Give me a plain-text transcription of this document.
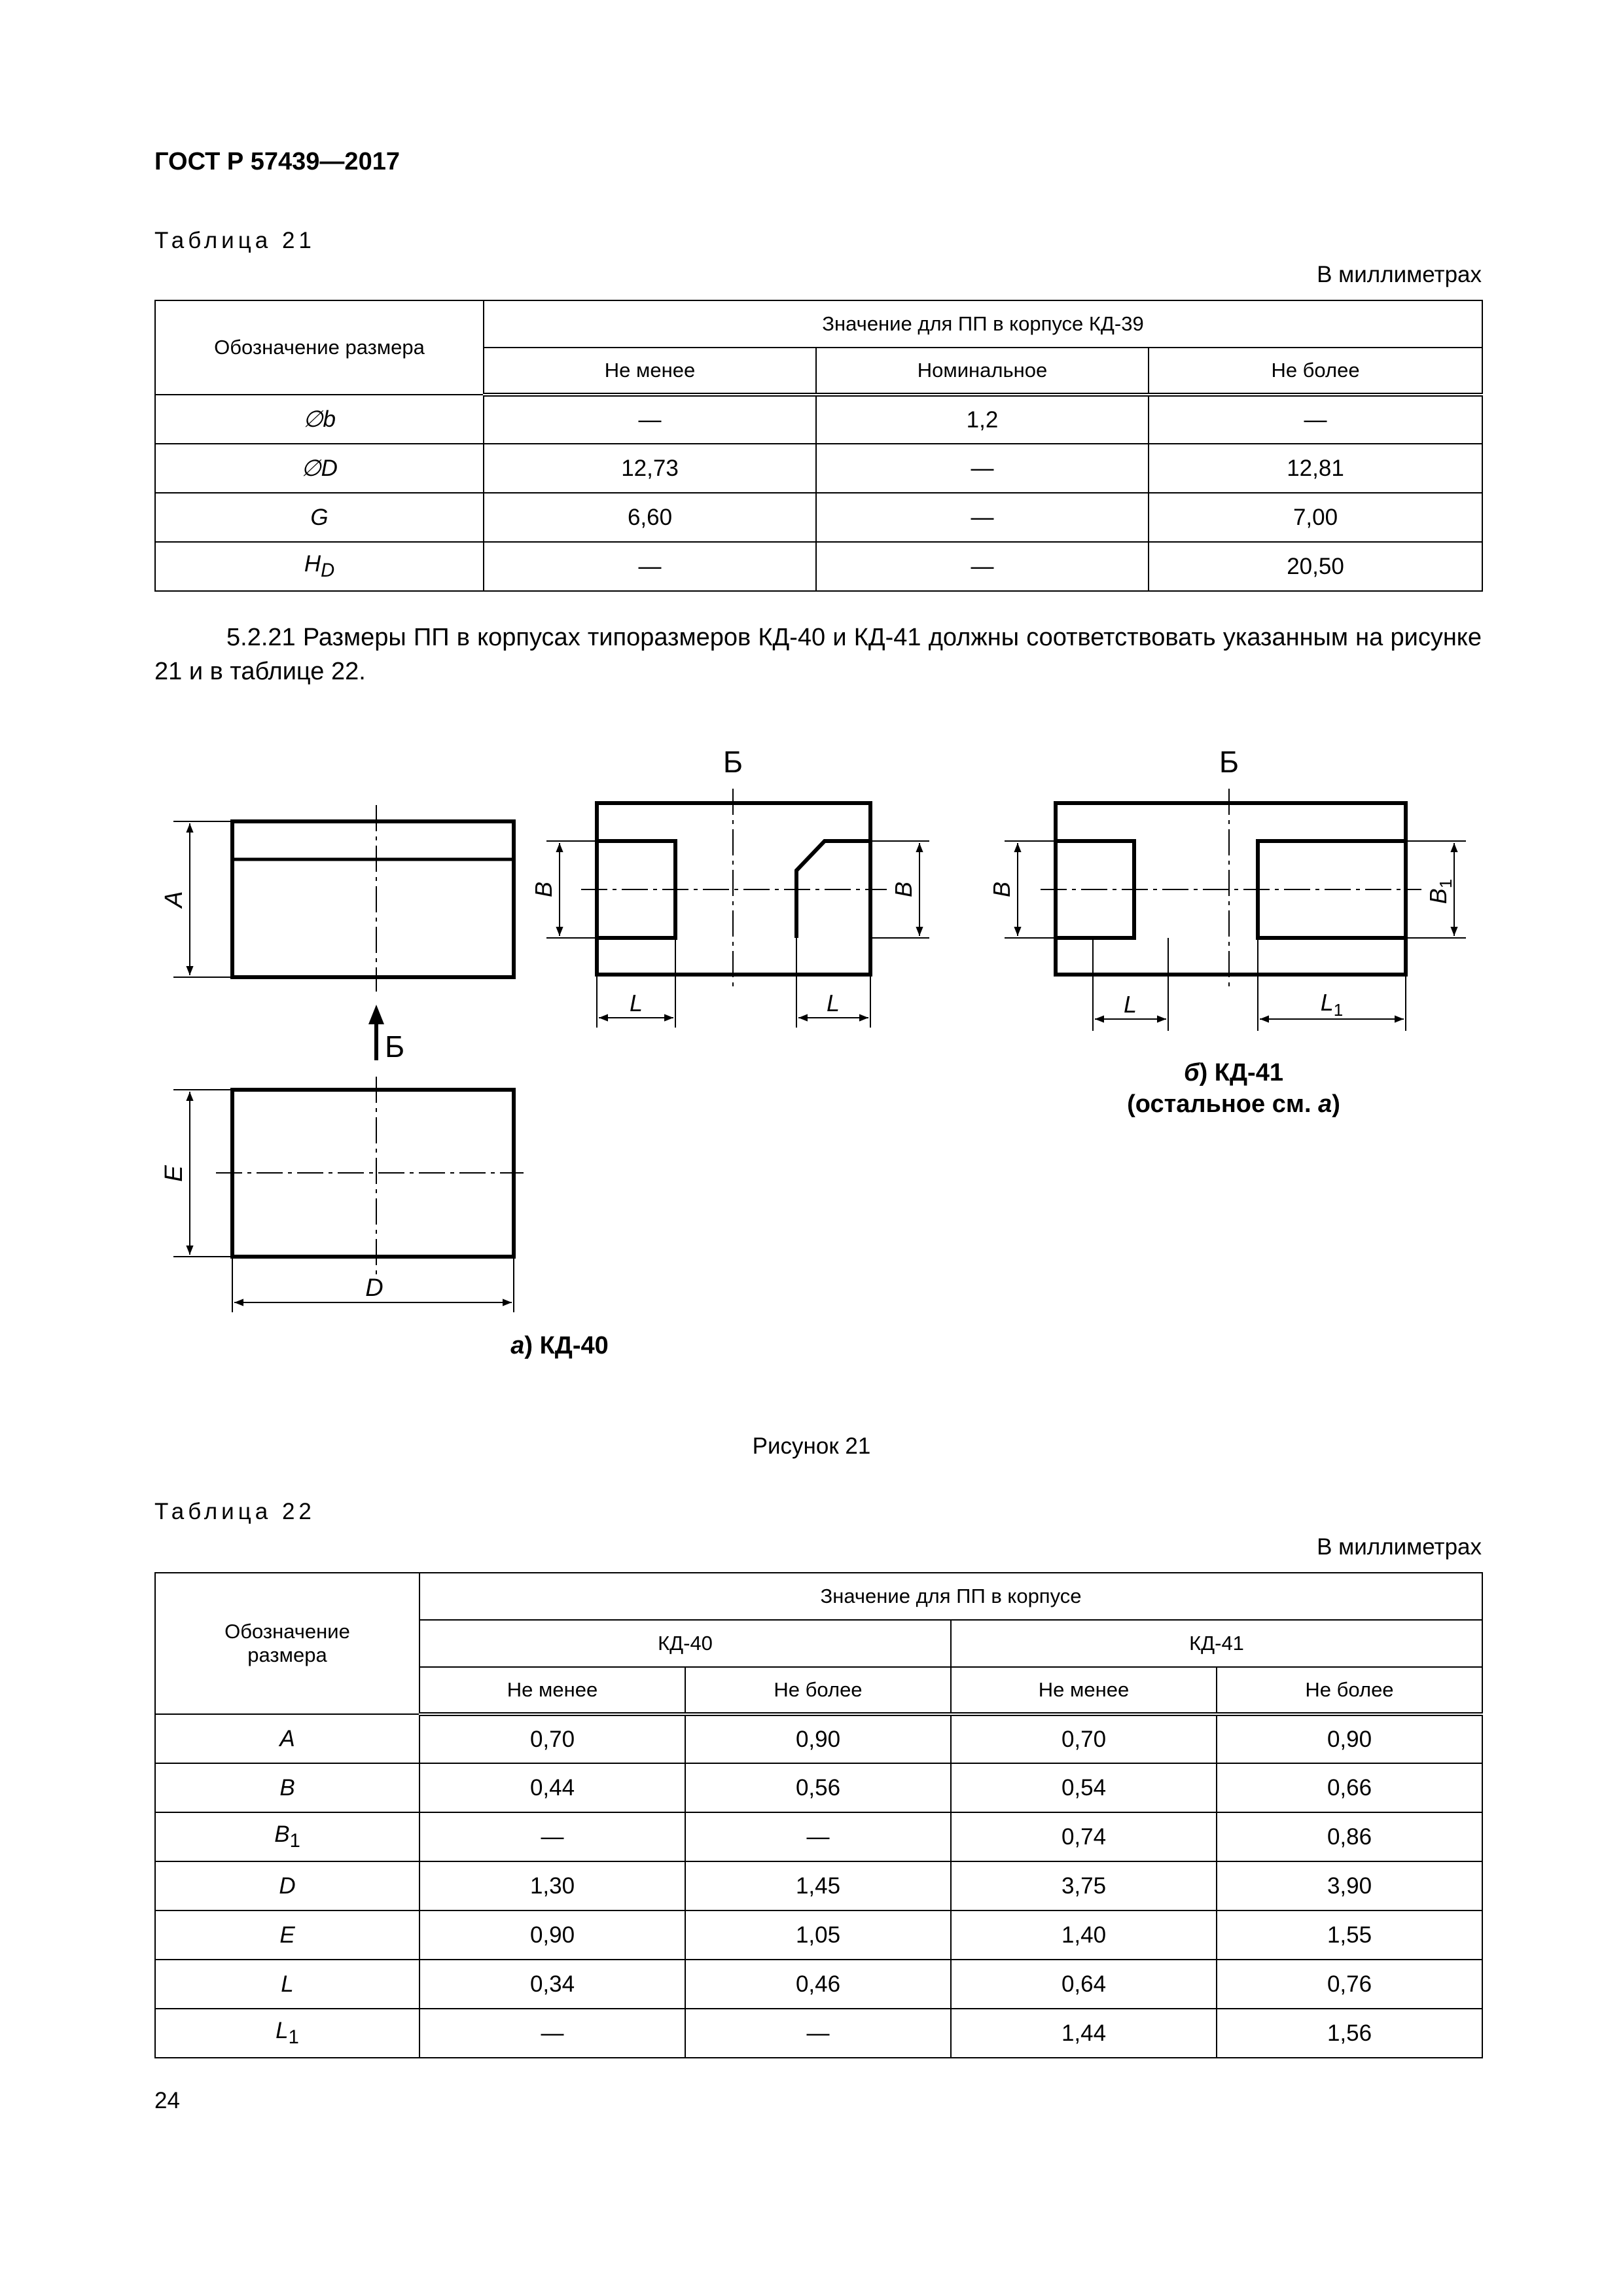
ГОСТ Р 57439—2017
Таблица 21
В миллиметрах
Обозначение размера	Значение для ПП в корпусе КД-39		
	Не менее	Номинальное	Не более
∅b	—	1,2	—
∅D	12,73	—	12,81
G	6,60	—	7,00
$H_D$	—	—	20,50
5.2.21 Размеры ПП в корпусах типоразмеров КД-40 и КД-41 должны соответствовать указанным на рисунке 21 и в таблице 22.
A
Б
E
D
Б
B	B
L	L
Б
B	$B_1$
L	$L_1$
б) КД-41
(остальное см. а)
а) КД-40
Рисунок 21
Таблица 22
В миллиметрах
Обозначение размера	Значение для ПП в корпусе			
	КД-40		КД-41	
	Не менее	Не более	Не менее	Не более
A	0,70	0,90	0,70	0,90
B	0,44	0,56	0,54	0,66
$B_1$	—	—	0,74	0,86
D	1,30	1,45	3,75	3,90
E	0,90	1,05	1,40	1,55
L	0,34	0,46	0,64	0,76
$L_1$	—	—	1,44	1,56
24
